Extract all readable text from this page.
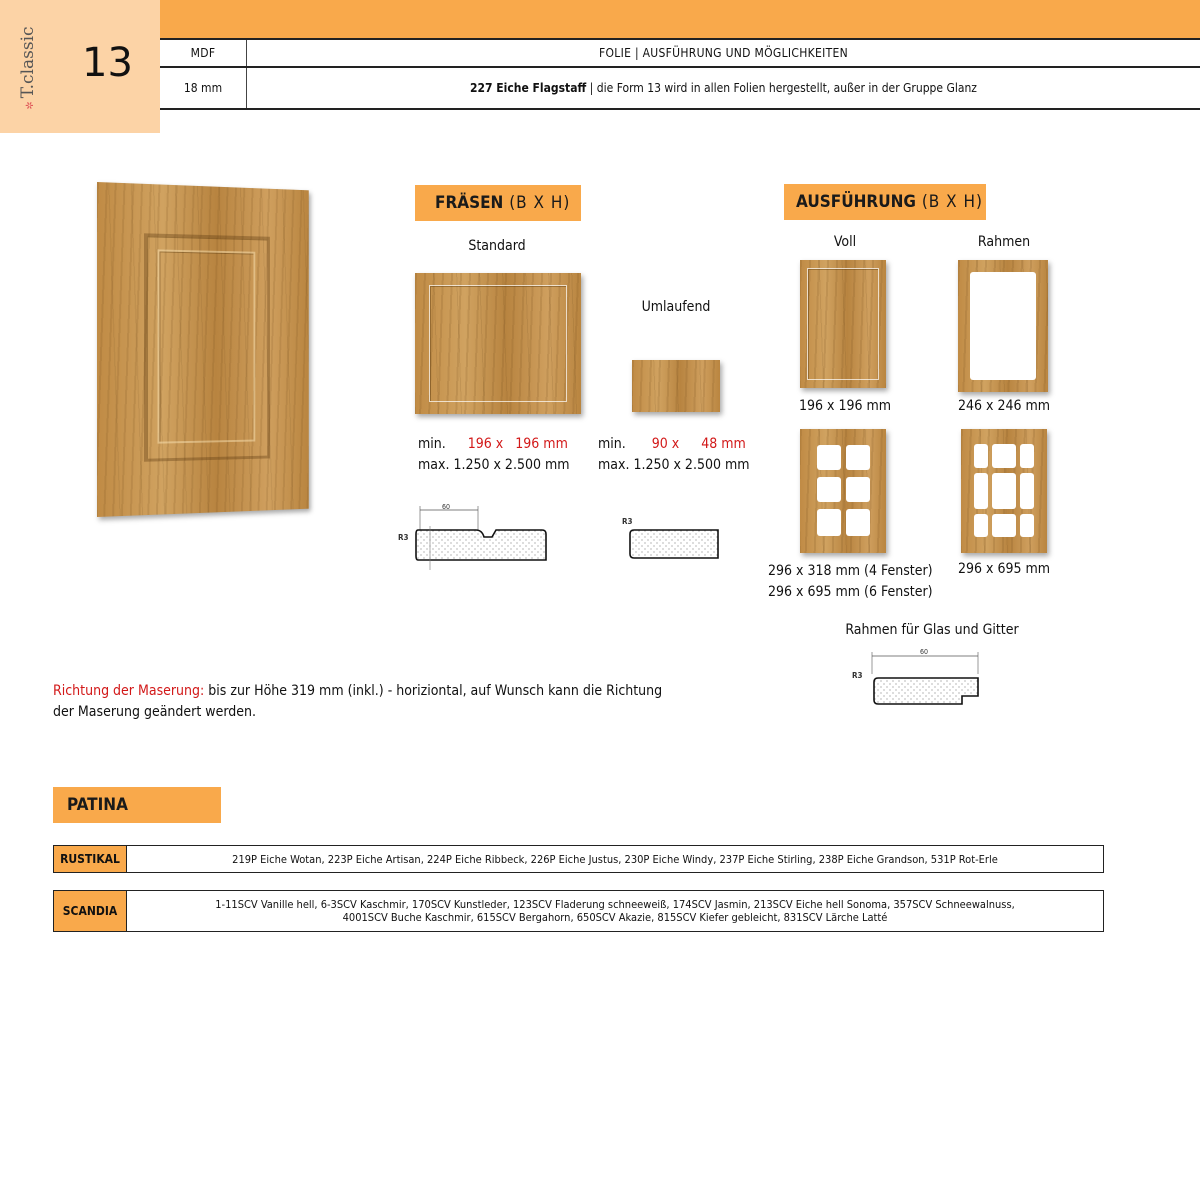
✲T.classic 13	MDF	FOLIE | AUSFÜHRUNG UND MÖGLICHKEITEN
18 mm	227 Eiche Flagstaff | die Form 13 wird in allen Folien hergestellt, außer in der Gruppe Glanz
FRÄSEN (B X H)
Standard
Umlaufend
min. 196 x 196 mm
max. 1.250 x 2.500 mm
min. 90 x 48 mm
max. 1.250 x 2.500 mm
60
R3
R3
AUSFÜHRUNG (B X H)
Voll	Rahmen
196 x 196 mm	246 x 246 mm
296 x 318 mm (4 Fenster)
296 x 695 mm (6 Fenster)
296 x 695 mm
Rahmen für Glas und Gitter
60
R3
Richtung der Maserung: bis zur Höhe 319 mm (inkl.) - horiziontal, auf Wunsch kann die Richtung
der Maserung geändert werden.
PATINA
RUSTIKAL	219P Eiche Wotan, 223P Eiche Artisan, 224P Eiche Ribbeck, 226P Eiche Justus, 230P Eiche Windy, 237P Eiche Stirling, 238P Eiche Grandson, 531P Rot-Erle
SCANDIA	1-11SCV Vanille hell, 6-3SCV Kaschmir, 170SCV Kunstleder, 123SCV Fladerung schneeweiß, 174SCV Jasmin, 213SCV Eiche hell Sonoma, 357SCV Schneewalnuss,
4001SCV Buche Kaschmir, 615SCV Bergahorn, 650SCV Akazie, 815SCV Kiefer gebleicht, 831SCV Lärche Latté
